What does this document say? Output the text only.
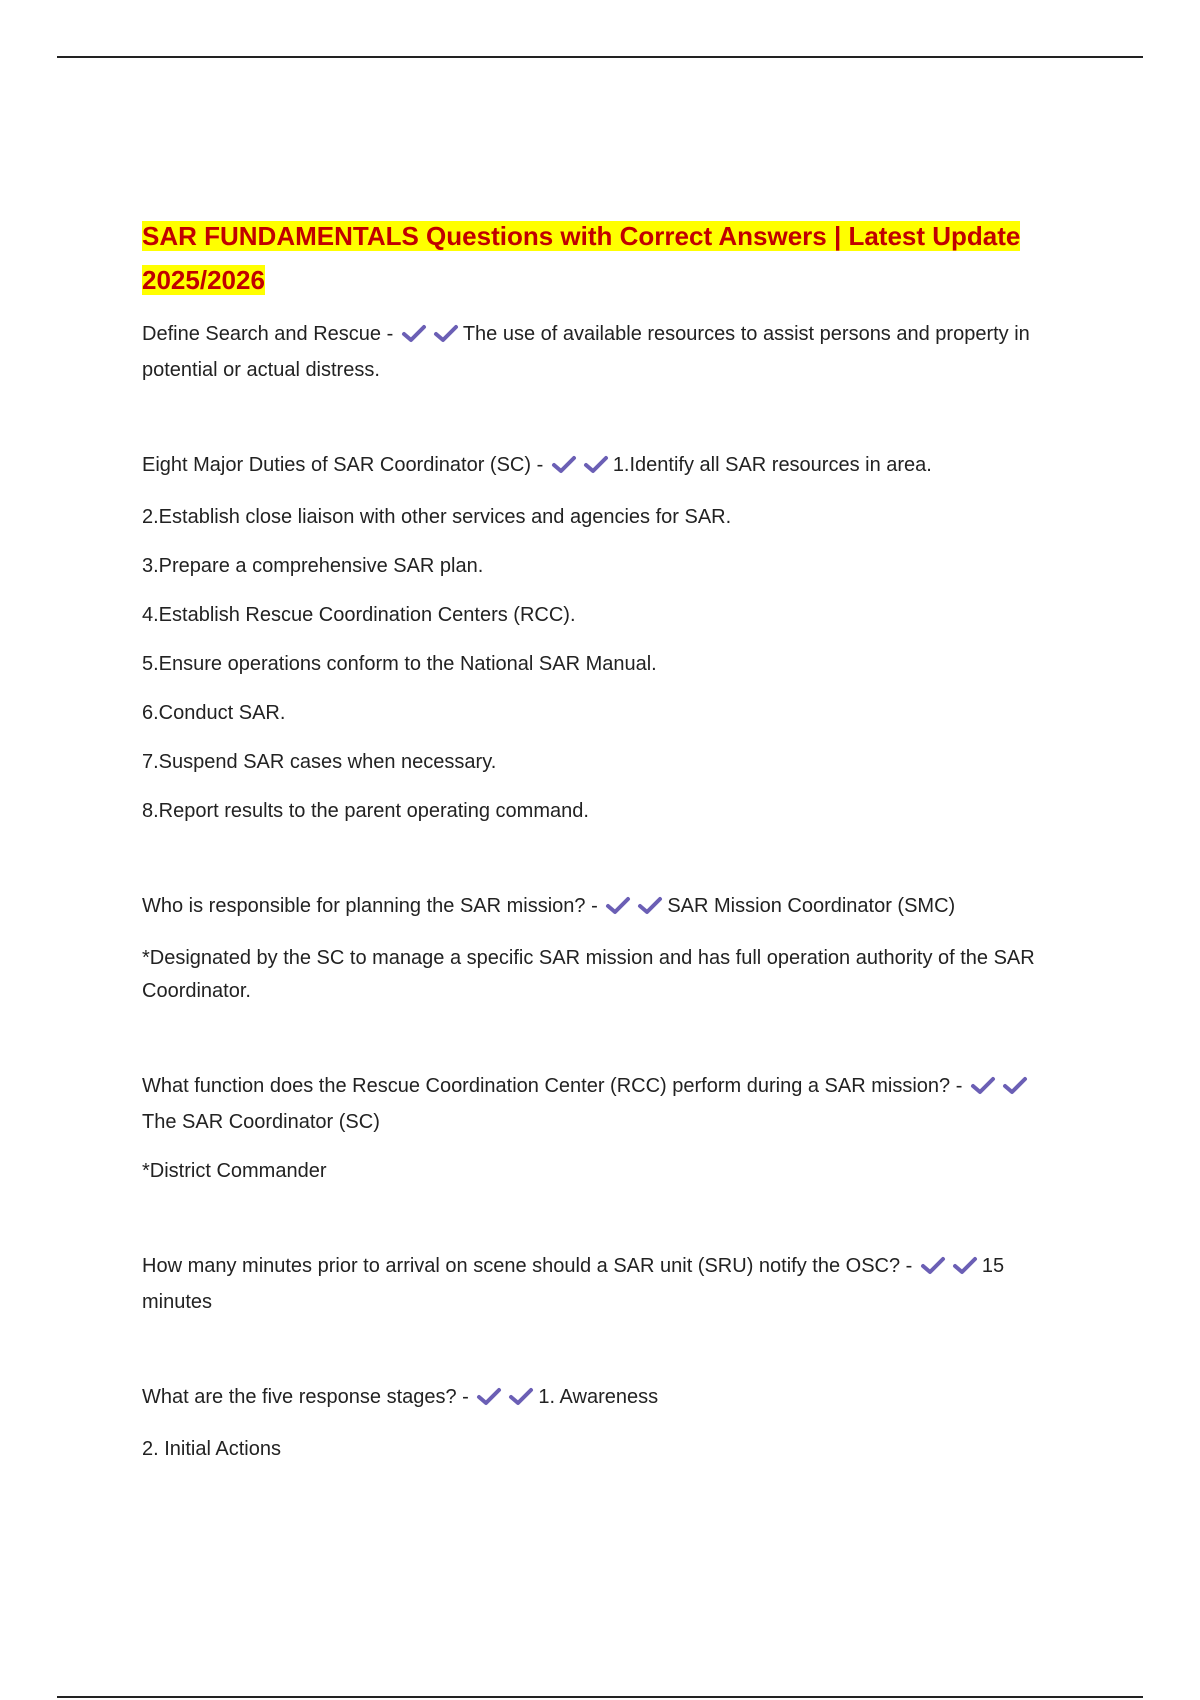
SAR FUNDAMENTALS Questions with Correct Answers | Latest Update 2025/2026

Define Search and Rescue -	The use of available resources to assist persons and property in potential or actual distress.

Eight Major Duties of SAR Coordinator (SC) -	1.Identify all SAR resources in area.

2.Establish close liaison with other services and agencies for SAR.

3.Prepare a comprehensive SAR plan.

4.Establish Rescue Coordination Centers (RCC).

5.Ensure operations conform to the National SAR Manual.

6.Conduct SAR.

7.Suspend SAR cases when necessary.

8.Report results to the parent operating command.

Who is responsible for planning the SAR mission? -	SAR Mission Coordinator (SMC)

*Designated by the SC to manage a specific SAR mission and has full operation authority of the SAR Coordinator.

What function does the Rescue Coordination Center (RCC) perform during a SAR mission? -
The SAR Coordinator (SC)

*District Commander

How many minutes prior to arrival on scene should a SAR unit (SRU) notify the OSC? -	15 minutes

What are the five response stages? -	1. Awareness

2. Initial Actions
